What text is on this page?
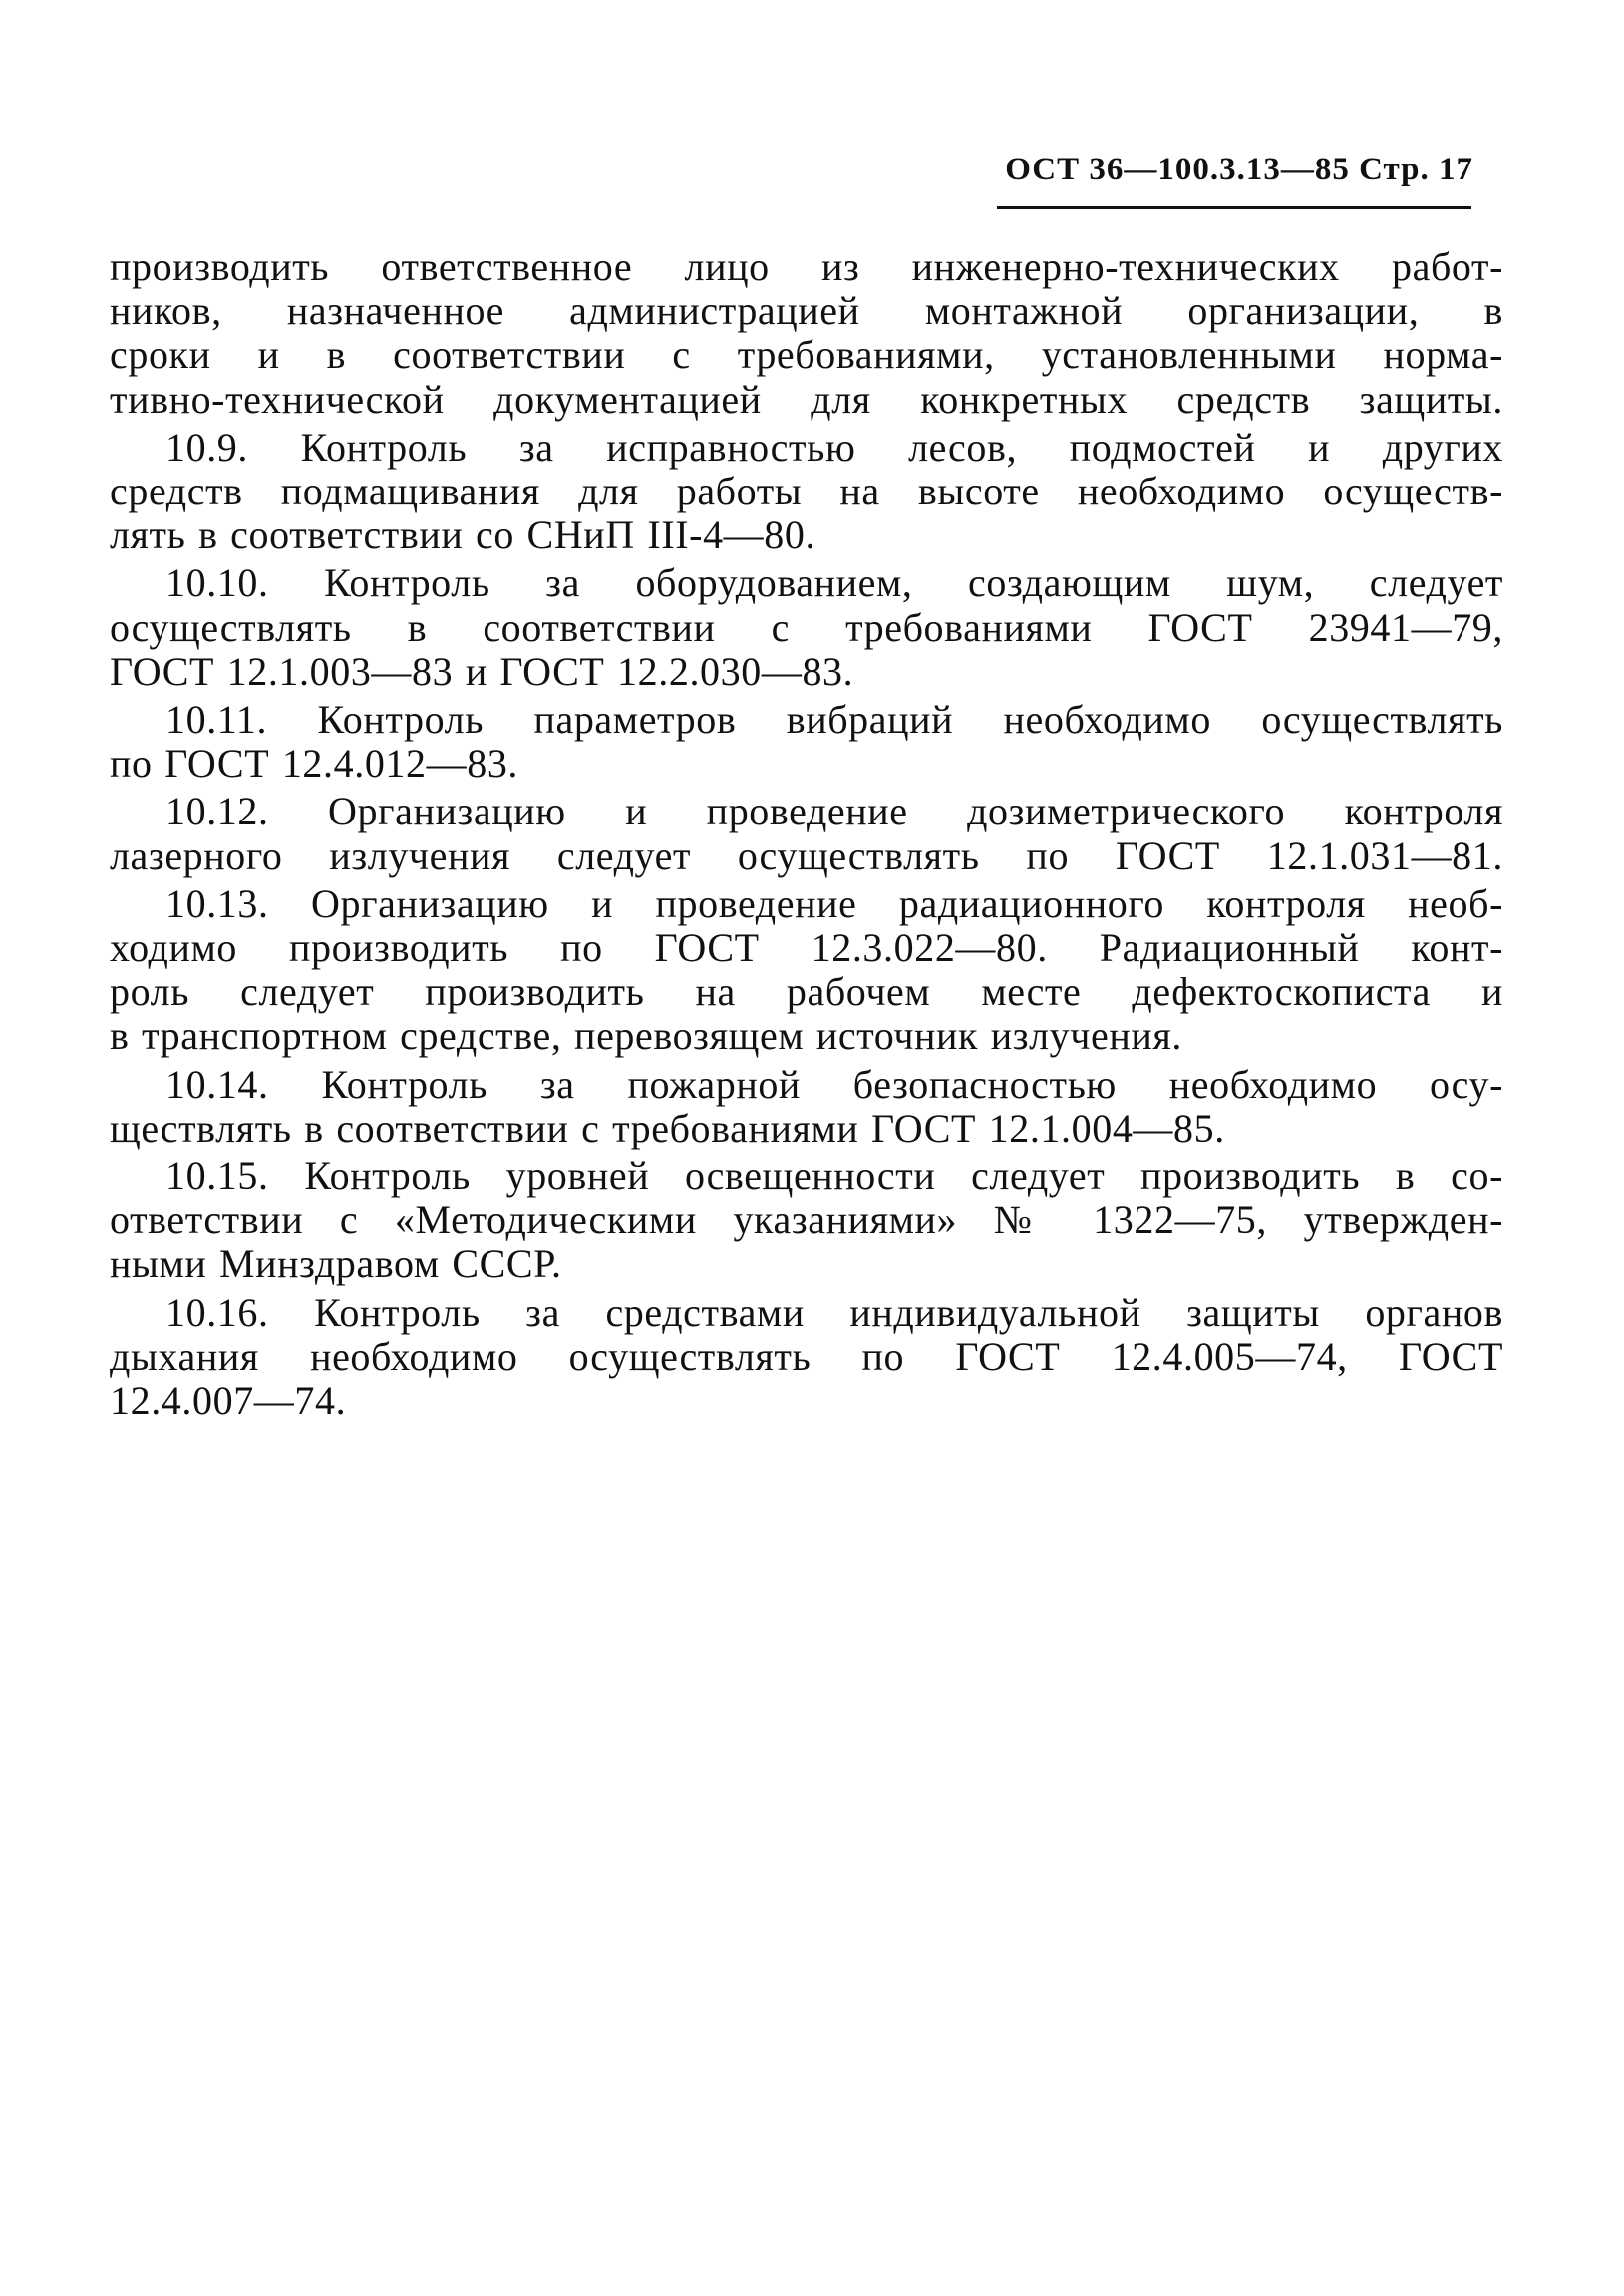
ОСТ 36—100.3.13—85 Стр. 17
производить ответственное лицо из инженерно-технических работ-
ников, назначенное администрацией монтажной организации, в
сроки и в соответствии с требованиями, установленными норма-
тивно-технической документацией для конкретных средств защиты.
10.9. Контроль за исправностью лесов, подмостей и других
средств подмащивания для работы на высоте необходимо осуществ-
лять в соответствии со СНиП III-4—80.
10.10. Контроль за оборудованием, создающим шум, следует
осуществлять в соответствии с требованиями ГОСТ 23941—79,
ГОСТ 12.1.003—83 и ГОСТ 12.2.030—83.
10.11. Контроль параметров вибраций необходимо осуществлять
по ГОСТ 12.4.012—83.
10.12. Организацию и проведение дозиметрического контроля
лазерного излучения следует осуществлять по ГОСТ 12.1.031—81.
10.13. Организацию и проведение радиационного контроля необ-
ходимо производить по ГОСТ 12.3.022—80. Радиационный конт-
роль следует производить на рабочем месте дефектоскописта и
в транспортном средстве, перевозящем источник излучения.
10.14. Контроль за пожарной безопасностью необходимо осу-
ществлять в соответствии с требованиями ГОСТ 12.1.004—85.
10.15. Контроль уровней освещенности следует производить в со-
ответствии с «Методическими указаниями» № 1322—75, утвержден-
ными Минздравом СССР.
10.16. Контроль за средствами индивидуальной защиты органов
дыхания необходимо осуществлять по ГОСТ 12.4.005—74, ГОСТ
12.4.007—74.
